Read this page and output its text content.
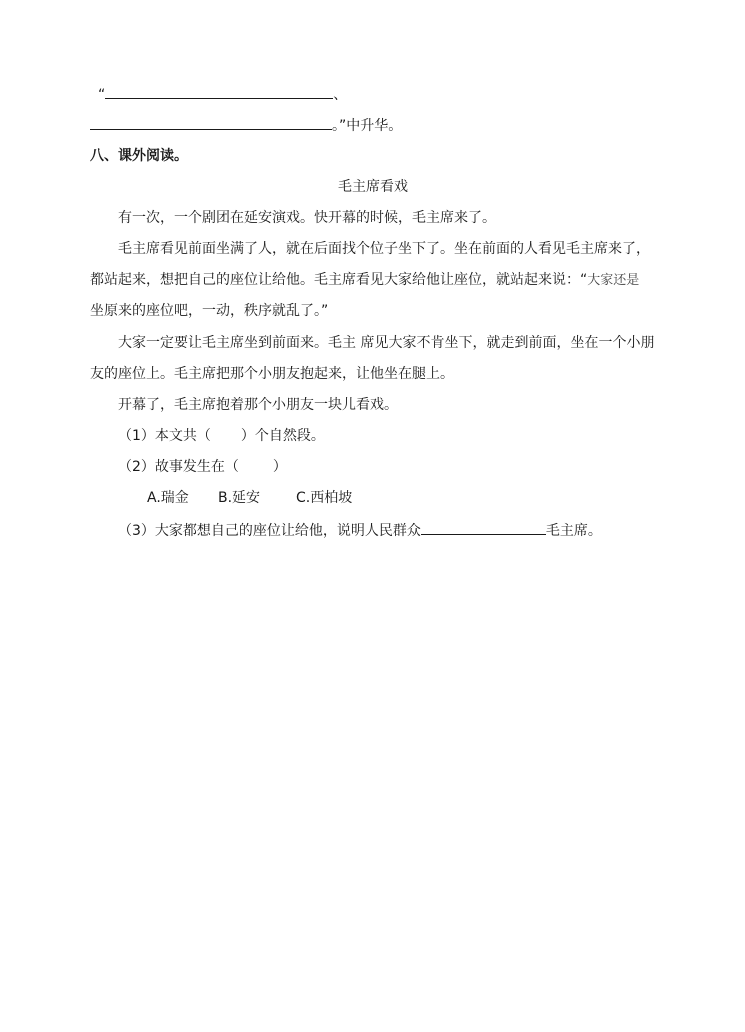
“	、
。”中升华。
八、课外阅读。
毛主席看戏
有一次，一个剧团在延安演戏。快开幕的时候，毛主席来了。
毛主席看见前面坐满了人，就在后面找个位子坐下了。坐在前面的人看见毛主席来了，
都站起来，想把自己的座位让给他。毛主席看见大家给他让座位，就站起来说：“大家还是
坐原来的座位吧，一动，秩序就乱了。”
大家一定要让毛主席坐到前面来。毛主 席见大家不肯坐下，就走到前面，坐在一个小朋
友的座位上。毛主席把那个小朋友抱起来，让他坐在腿上。
开幕了，毛主席抱着那个小朋友一块儿看戏。
（1）本文共（ ）个自然段。
（2）故事发生在（ ）
A.瑞金 B.延安	C.西柏坡
（3）大家都想自己的座位让给他，说明人民群众	毛主席。
